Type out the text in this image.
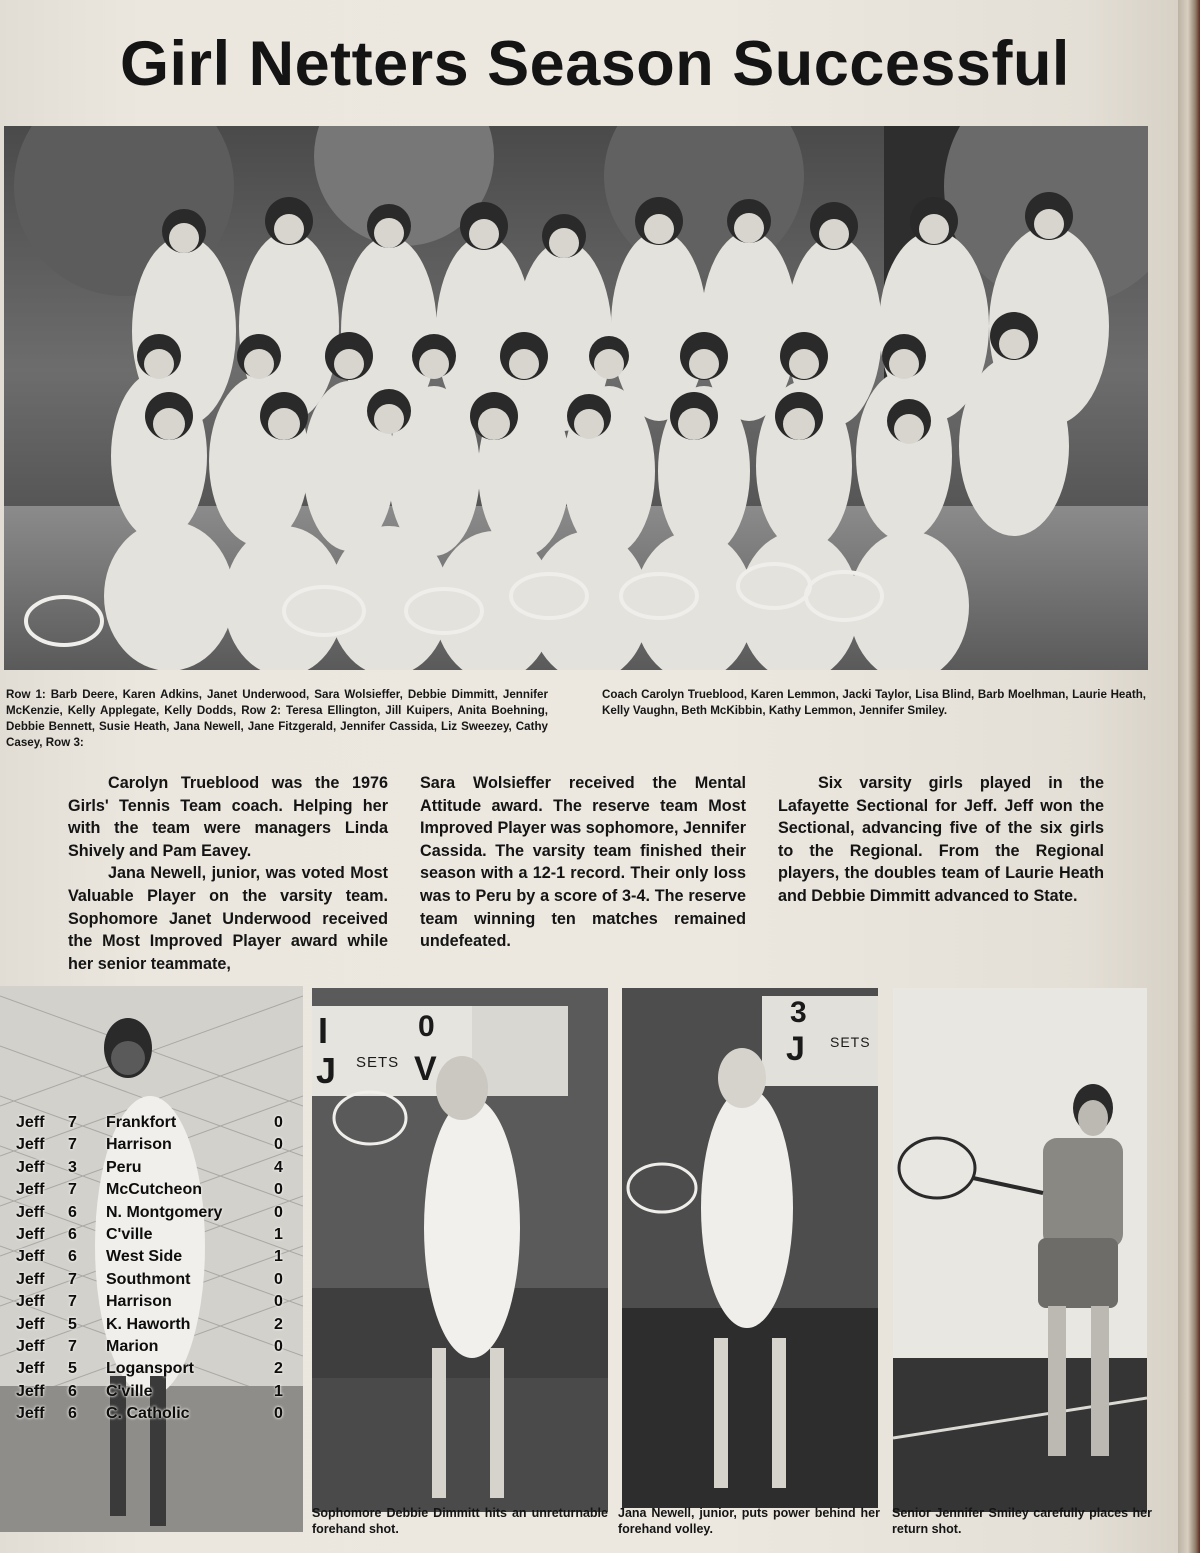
Girl Netters Season Successful
Row 1: Barb Deere, Karen Adkins, Janet Underwood, Sara Wolsieffer, Debbie Dimmitt, Jennifer McKenzie, Kelly Applegate, Kelly Dodds, Row 2: Teresa Ellington, Jill Kuipers, Anita Boehning, Debbie Bennett, Susie Heath, Jana Newell, Jane Fitzgerald, Jennifer Cassida, Liz Sweezey, Cathy Casey, Row 3:
Coach Carolyn Trueblood, Karen Lemmon, Jacki Taylor, Lisa Blind, Barb Moelhman, Laurie Heath, Kelly Vaughn, Beth McKibbin, Kathy Lemmon, Jennifer Smiley.

Carolyn Trueblood was the 1976 Girls' Tennis Team coach. Helping her with the team were managers Linda Shively and Pam Eavey.

Jana Newell, junior, was voted Most Valuable Player on the varsity team. Sophomore Janet Underwood received the Most Improved Player award while her senior teammate,

Sara Wolsieffer received the Mental Attitude award. The reserve team Most Improved Player was sophomore, Jennifer Cassida. The varsity team finished their season with a 12-1 record. Their only loss was to Peru by a score of 3-4. The reserve team winning ten matches remained undefeated.

Six varsity girls played in the Lafayette Sectional for Jeff. Jeff won the Sectional, advancing five of the six girls to the Regional. From the Regional players, the doubles team of Laurie Heath and Debbie Dimmitt advanced to State.

Jeff 7 Frankfort	0
Jeff 7 Harrison	0
Jeff 3 Peru	4
Jeff 7 McCutcheon	0
Jeff 6 N. Montgomery	0
Jeff 6 C'ville	1
Jeff 6 West Side	1
Jeff 7 Southmont	0
Jeff 7 Harrison	0
Jeff 5 K. Haworth	2
Jeff 7 Marion	0
Jeff 5 Logansport	2
Jeff 6 C'ville	1
Jeff 6 C. Catholic	0
I	0
J SETS V
3
J SETS
Sophomore Debbie Dimmitt hits an unreturnable forehand shot.
Jana Newell, junior, puts power behind her forehand volley.
Senior Jennifer Smiley carefully places her return shot.
